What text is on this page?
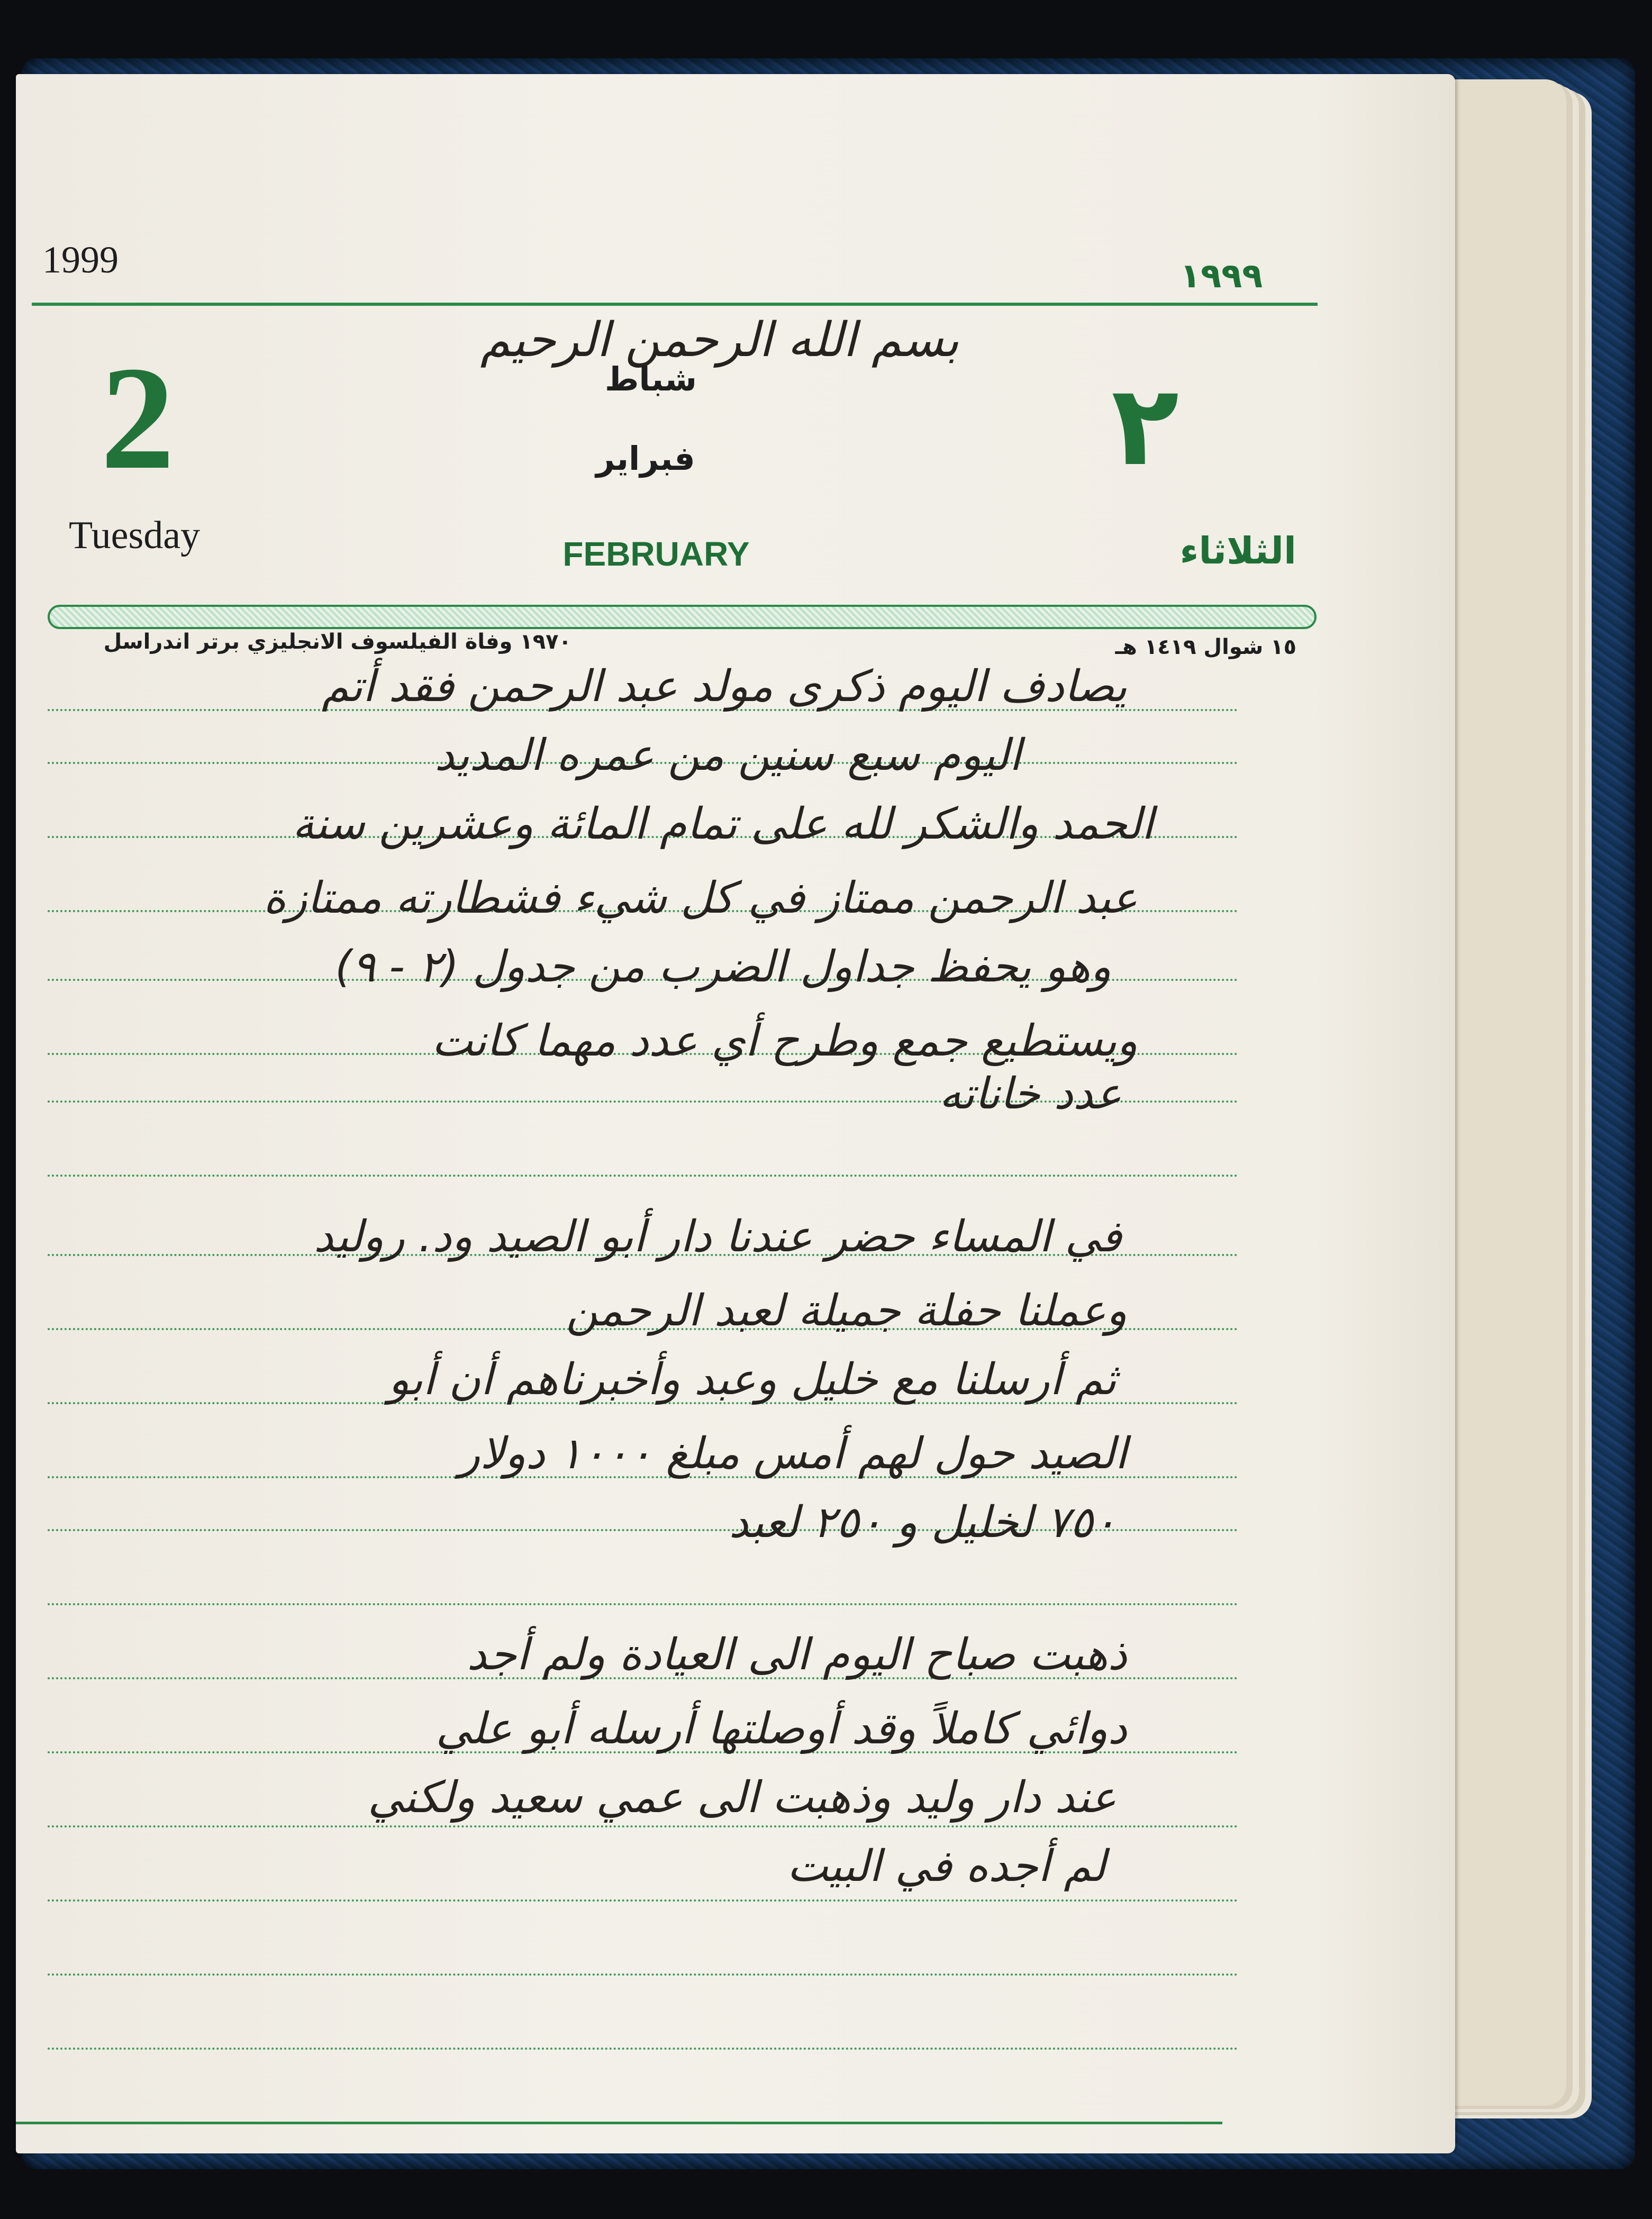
1999
بسم الله الرحمن الرحيم
١٩٩٩
2
Tuesday
شباط
فبراير
FEBRUARY
٢
الثلاثاء
١٥ شوال ١٤١٩ هـ
١٩٧٠ وفاة الفيلسوف الانجليزي برتر اندراسل
يصادف اليوم ذكرى مولد عبد الرحمن فقد أتم
اليوم سبع سنين من عمره المديد
الحمد والشكر لله على تمام المائة وعشرين سنة
عبد الرحمن ممتاز في كل شيء فشطارته ممتازة
وهو يحفظ جداول الضرب من جدول (٢ - ٩)
ويستطيع جمع وطرح أي عدد مهما كانت
عدد خاناته
في المساء حضر عندنا دار أبو الصيد ود. روليد
وعملنا حفلة جميلة لعبد الرحمن
ثم أرسلنا مع خليل وعبد وأخبرناهم أن أبو
الصيد حول لهم أمس مبلغ ١٠٠٠ دولار
٧٥٠ لخليل و ٢٥٠ لعبد
ذهبت صباح اليوم الى العيادة ولم أجد
دوائي كاملاً وقد أوصلتها أرسله أبو علي
عند دار وليد وذهبت الى عمي سعيد ولكني
لم أجده في البيت
